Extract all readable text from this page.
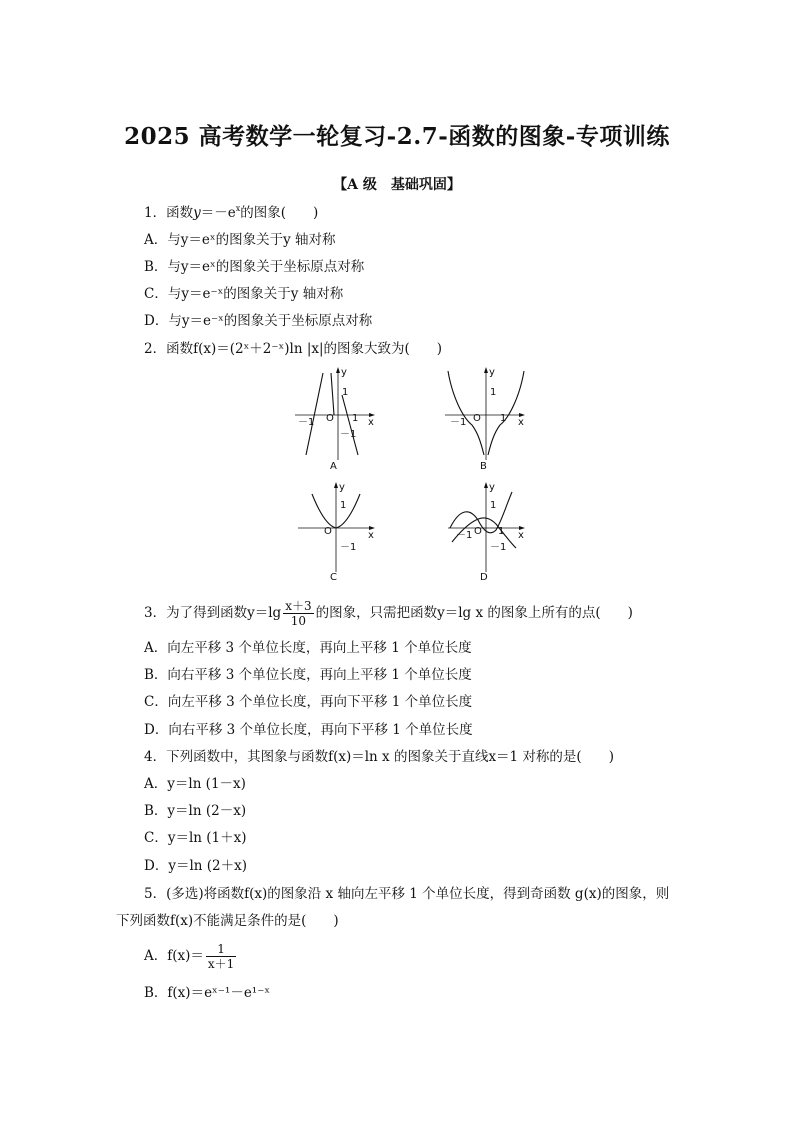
2025 高考数学一轮复习-2.7-函数的图象-专项训练
【A 级　基础巩固】
1．函数$y=-e^x$的图象(　　)
A．与y＝eˣ的图象关于y 轴对称
B．与y＝eˣ的图象关于坐标原点对称
C．与y＝e⁻ˣ的图象关于y 轴对称
D．与y＝e⁻ˣ的图象关于坐标原点对称
2．函数f(x)＝(2ˣ＋2⁻ˣ)ln |x|的图象大致为(　　)
y
x
1
－1
O
－1	1
A
y
x
1
O
－1	1
B
y
x
1
－1
O
C
y
x
1
－1
O
－1	1
D
3．为了得到函数$y=\lg \frac{x+3}{10}$ 的图象，只需把函数y＝lg x 的图象上所有的点(　　)
A．向左平移 3 个单位长度，再向上平移 1 个单位长度
B．向右平移 3 个单位长度，再向上平移 1 个单位长度
C．向左平移 3 个单位长度，再向下平移 1 个单位长度
D．向右平移 3 个单位长度，再向下平移 1 个单位长度
4．下列函数中，其图象与函数f(x)＝ln x 的图象关于直线x＝1 对称的是(　　)
A．y＝ln (1－x)
B．y＝ln (2－x)
C．y＝ln (1＋x)
D．y＝ln (2＋x)
5．(多选)将函数f(x)的图象沿 x 轴向左平移 1 个单位长度，得到奇函数 g(x)的图象，则
下列函数f(x)不能满足条件的是(　　)
A．$f(x)= \frac{1}{x+1}$
B．f(x)＝eˣ⁻¹－e¹⁻ˣ
